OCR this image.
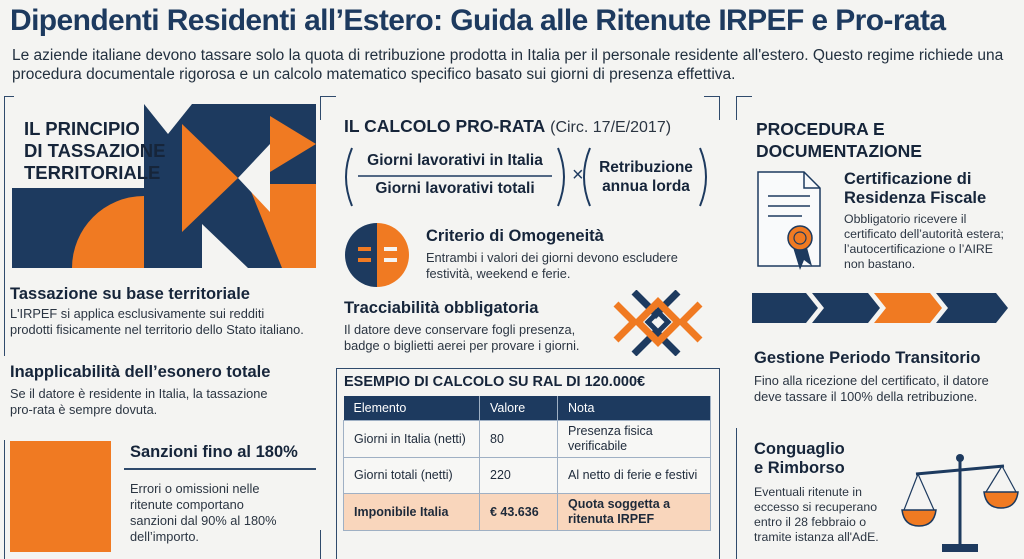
Dipendenti Residenti all’Estero: Guida alle Ritenute IRPEF e Pro-rata
Le aziende italiane devono tassare solo la quota di retribuzione prodotta in Italia per il personale residente all'estero. Questo regime richiede una procedura documentale rigorosa e un calcolo matematico specifico basato sui giorni di presenza effettiva.
IL PRINCIPIO
DI TASSAZIONE
TERRITORIALE
Tassazione su base territoriale
L'IRPEF si applica esclusivamente sui redditi
prodotti fisicamente nel territorio dello Stato italiano.
Inapplicabilità dell’esonero totale
Se il datore è residente in Italia, la tassazione
pro-rata è sempre dovuta.
Sanzioni fino al 180%
Errori o omissioni nelle
ritenute comportano
sanzioni dal 90% al 180%
dell’importo.
IL CALCOLO PRO-RATA (Circ. 17/E/2017)
Giorni lavorativi in Italia
Giorni lavorativi totali
× Retribuzione
annua lorda
Criterio di Omogeneità
Entrambi i valori dei giorni devono escludere
festività, weekend e ferie.
Tracciabilità obbligatoria
Il datore deve conservare fogli presenza,
badge o biglietti aerei per provare i giorni.
ESEMPIO DI CALCOLO SU RAL DI 120.000€
Elemento	Valore	Nota
Giorni in Italia (netti)	80	Presenza fisica verificabile
Giorni totali (netti)	220	Al netto di ferie e festivi
Imponibile Italia	€ 43.636	Quota soggetta a ritenuta IRPEF
PROCEDURA E
DOCUMENTAZIONE
Certificazione di
Residenza Fiscale
Obbligatorio ricevere il
certificato dell’autorità estera;
l’autocertificazione o l’AIRE
non bastano.
Gestione Periodo Transitorio
Fino alla ricezione del certificato, il datore
deve tassare il 100% della retribuzione.
Conguaglio
e Rimborso
Eventuali ritenute in
eccesso si recuperano
entro il 28 febbraio o
tramite istanza all'AdE.
